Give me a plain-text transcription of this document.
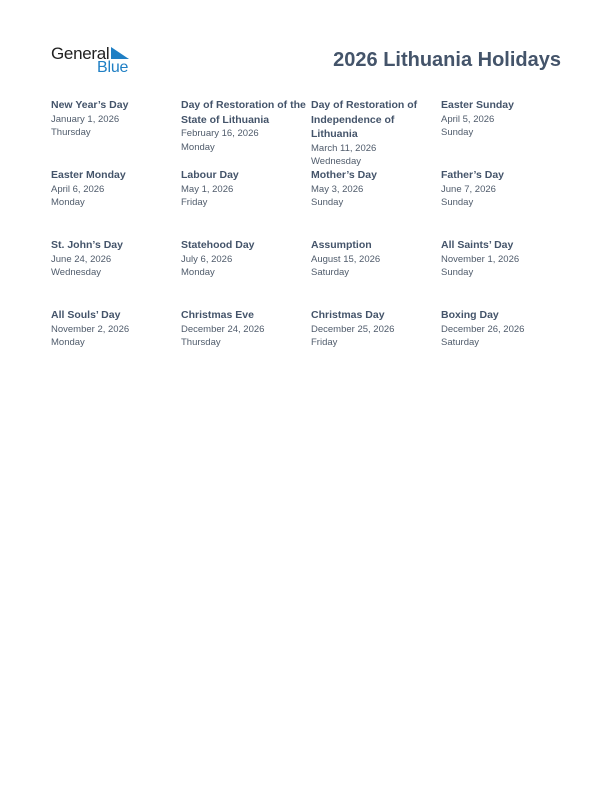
General
Blue	2026 Lithuania Holidays
New Year’s Day
January 1, 2026
Thursday
Day of Restoration of the State of Lithuania
February 16, 2026
Monday
Day of Restoration of Independence of Lithuania
March 11, 2026
Wednesday
Easter Sunday
April 5, 2026
Sunday
Easter Monday
April 6, 2026
Monday
Labour Day
May 1, 2026
Friday
Mother’s Day
May 3, 2026
Sunday
Father’s Day
June 7, 2026
Sunday
St. John’s Day
June 24, 2026
Wednesday
Statehood Day
July 6, 2026
Monday
Assumption
August 15, 2026
Saturday
All Saints’ Day
November 1, 2026
Sunday
All Souls’ Day
November 2, 2026
Monday
Christmas Eve
December 24, 2026
Thursday
Christmas Day
December 25, 2026
Friday
Boxing Day
December 26, 2026
Saturday
